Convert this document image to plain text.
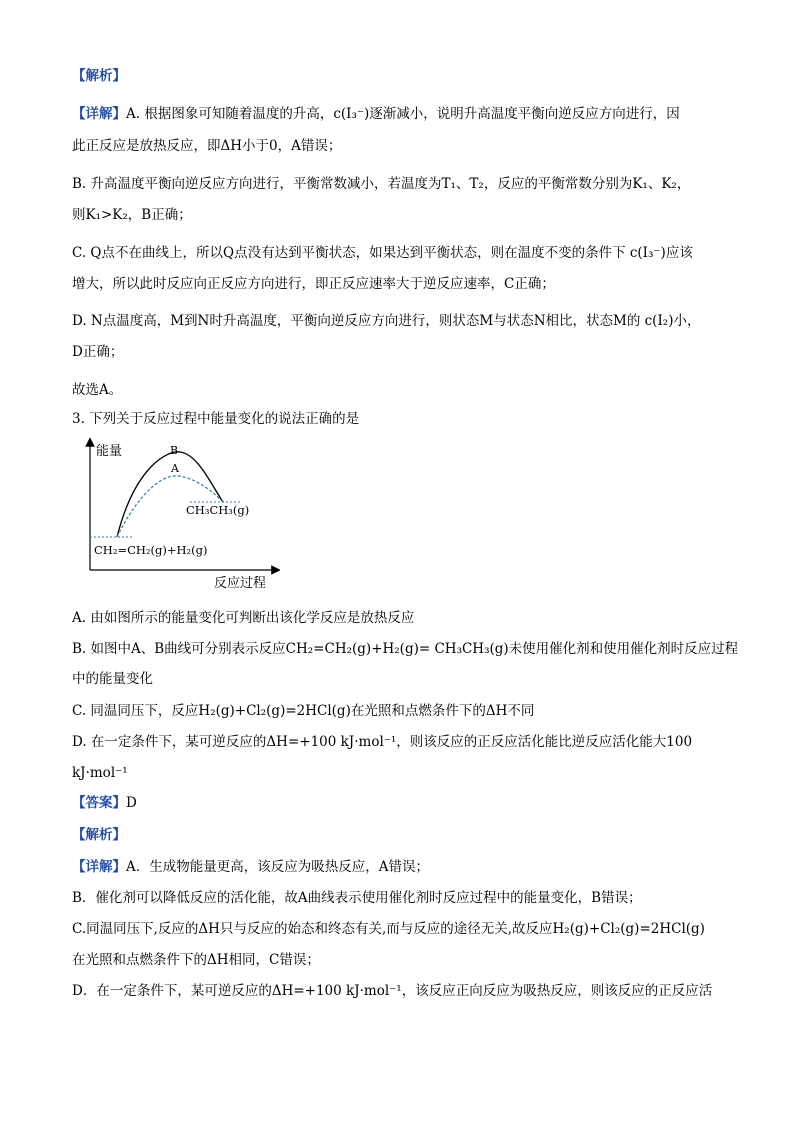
【解析】
【详解】A. 根据图象可知随着温度的升高，c(I₃⁻)逐渐减小，说明升高温度平衡向逆反应方向进行，因
此正反应是放热反应，即ΔH小于0，A错误；
B. 升高温度平衡向逆反应方向进行，平衡常数减小，若温度为T₁、T₂，反应的平衡常数分别为K₁、K₂，
则K₁>K₂，B正确；
C. Q点不在曲线上，所以Q点没有达到平衡状态，如果达到平衡状态，则在温度不变的条件下 c(I₃⁻)应该
增大，所以此时反应向正反应方向进行，即正反应速率大于逆反应速率，C正确；
D. N点温度高，M到N时升高温度，平衡向逆反应方向进行，则状态M与状态N相比，状态M的 c(I₂)小，
D正确；
故选A。
3. 下列关于反应过程中能量变化的说法正确的是
能量
反应过程
B
A
CH₃CH₃(g)
CH₂=CH₂(g)+H₂(g)
A. 由如图所示的能量变化可判断出该化学反应是放热反应
B. 如图中A、B曲线可分别表示反应CH₂=CH₂(g)+H₂(g)= CH₃CH₃(g)未使用催化剂和使用催化剂时反应过程
中的能量变化
C. 同温同压下，反应H₂(g)+Cl₂(g)=2HCl(g)在光照和点燃条件下的ΔH不同
D. 在一定条件下，某可逆反应的ΔH=+100 kJ·mol⁻¹，则该反应的正反应活化能比逆反应活化能大100
kJ·mol⁻¹
【答案】D
【解析】
【详解】A．生成物能量更高，该反应为吸热反应，A错误；
B．催化剂可以降低反应的活化能，故A曲线表示使用催化剂时反应过程中的能量变化，B错误；
C.同温同压下,反应的ΔH只与反应的始态和终态有关,而与反应的途径无关,故反应H₂(g)+Cl₂(g)=2HCl(g)
在光照和点燃条件下的ΔH相同，C错误；
D．在一定条件下，某可逆反应的ΔH=+100 kJ·mol⁻¹，该反应正向反应为吸热反应，则该反应的正反应活
